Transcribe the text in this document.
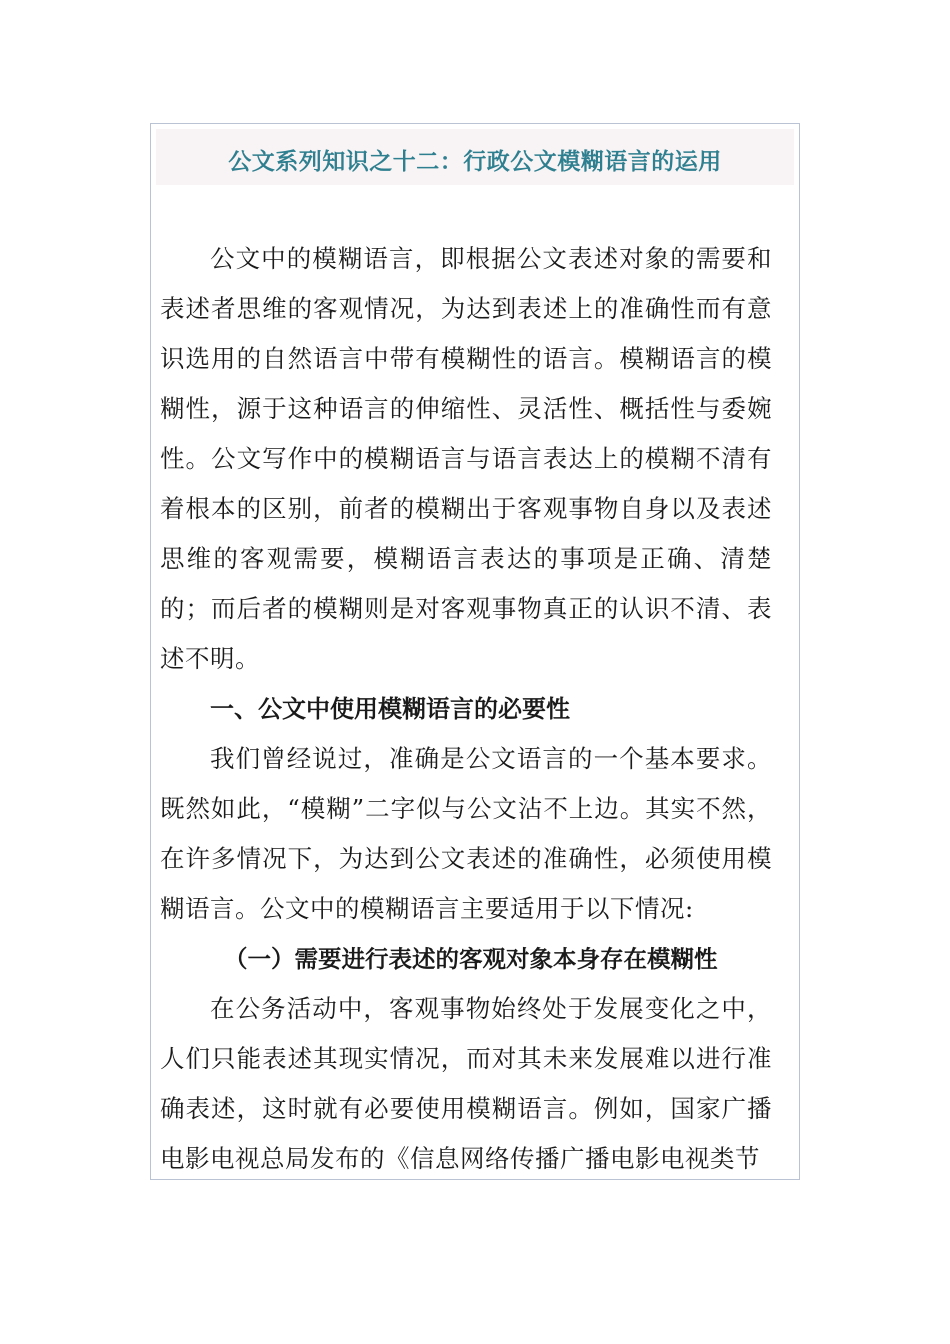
公文系列知识之十二：行政公文模糊语言的运用

公文中的模糊语言，即根据公文表述对象的需要和表述者思维的客观情况，为达到表述上的准确性而有意识选用的自然语言中带有模糊性的语言。模糊语言的模糊性，源于这种语言的伸缩性、灵活性、概括性与委婉性。公文写作中的模糊语言与语言表达上的模糊不清有着根本的区别，前者的模糊出于客观事物自身以及表述思维的客观需要，模糊语言表达的事项是正确、清楚的；而后者的模糊则是对客观事物真正的认识不清、表述不明。

一、公文中使用模糊语言的必要性

我们曾经说过，准确是公文语言的一个基本要求。既然如此，“模糊”二字似与公文沾不上边。其实不然，在许多情况下，为达到公文表述的准确性，必须使用模糊语言。公文中的模糊语言主要适用于以下情况:

（一）需要进行表述的客观对象本身存在模糊性

在公务活动中，客观事物始终处于发展变化之中，人们只能表述其现实情况，而对其未来发展难以进行准确表述，这时就有必要使用模糊语言。例如，国家广播电影电视总局发布的《信息网络传播广播电影电视类节
